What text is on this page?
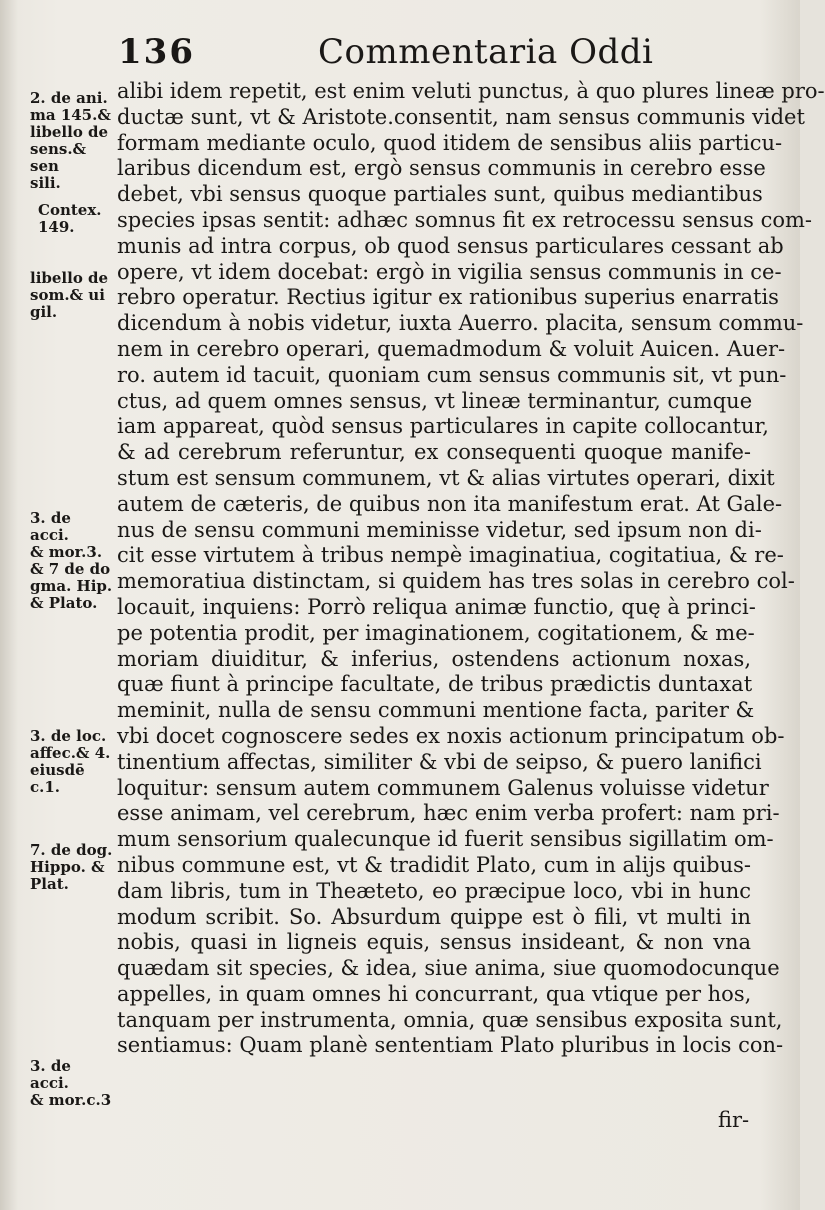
136	Commentaria Oddi
2. de ani.
ma 145.&
libello de
sens.& sen
sili.
Contex.
149.
libello de
som.& ui
gil.
3. de acci.
& mor.3.
& 7 de do
gma. Hip.
& Plato.
3. de loc.
affec.& 4.
eiusdē c.1.
7. de dog.
Hippo. &
Plat.
3. de acci.
& mor.c.3
alibi idem repetit, est enim veluti punctus, à quo plures lineæ pro-
ductæ sunt, vt & Aristote.consentit, nam sensus communis videt
formam mediante oculo, quod itidem de sensibus aliis particu-
laribus dicendum est, ergò sensus communis in cerebro esse
debet, vbi sensus quoque partiales sunt, quibus mediantibus
species ipsas sentit: adhæc somnus fit ex retrocessu sensus com-
munis ad intra corpus, ob quod sensus particulares cessant ab
opere, vt idem docebat: ergò in vigilia sensus communis in ce-
rebro operatur. Rectius igitur ex rationibus superius enarratis
dicendum à nobis videtur, iuxta Auerro. placita, sensum commu-
nem in cerebro operari, quemadmodum & voluit Auicen. Auer-
ro. autem id tacuit, quoniam cum sensus communis sit, vt pun-
ctus, ad quem omnes sensus, vt lineæ terminantur, cumque
iam appareat, quòd sensus particulares in capite collocantur,
& ad cerebrum referuntur, ex consequenti quoque manife-
stum est sensum communem, vt & alias virtutes operari, dixit
autem de cæteris, de quibus non ita manifestum erat. At Gale-
nus de sensu communi meminisse videtur, sed ipsum non di-
cit esse virtutem à tribus nempè imaginatiua, cogitatiua, & re-
memoratiua distinctam, si quidem has tres solas in cerebro col-
locauit, inquiens: Porrò reliqua animæ functio, quę à princi-
pe potentia prodit, per imaginationem, cogitationem, & me-
moriam diuiditur, & inferius, ostendens actionum noxas,
quæ fiunt à principe facultate, de tribus prædictis duntaxat
meminit, nulla de sensu communi mentione facta, pariter &
vbi docet cognoscere sedes ex noxis actionum principatum ob-
tinentium affectas, similiter & vbi de seipso, & puero lanifici
loquitur: sensum autem communem Galenus voluisse videtur
esse animam, vel cerebrum, hæc enim verba profert: nam pri-
mum sensorium qualecunque id fuerit sensibus sigillatim om-
nibus commune est, vt & tradidit Plato, cum in alijs quibus-
dam libris, tum in Theæteto, eo præcipue loco, vbi in hunc
modum scribit. So. Absurdum quippe est ò fili, vt multi in
nobis, quasi in ligneis equis, sensus insideant, & non vna
quædam sit species, & idea, siue anima, siue quomodocunque
appelles, in quam omnes hi concurrant, qua vtique per hos,
tanquam per instrumenta, omnia, quæ sensibus exposita sunt,
sentiamus: Quam planè sententiam Plato pluribus in locis con-
fir-
